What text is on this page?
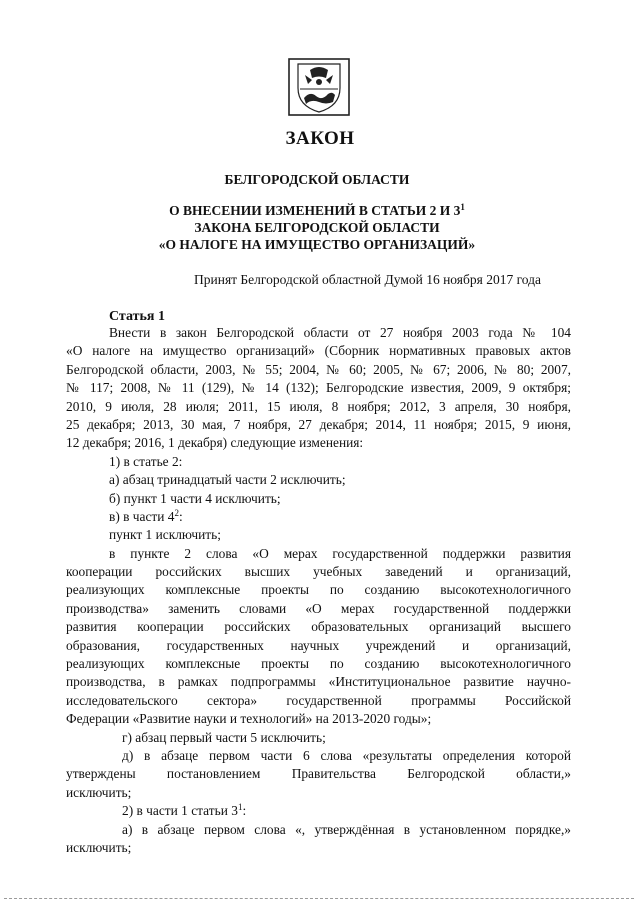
ЗАКОН
БЕЛГОРОДСКОЙ ОБЛАСТИ
О ВНЕСЕНИИ ИЗМЕНЕНИЙ В СТАТЬИ 2 И $3^1$
ЗАКОНА БЕЛГОРОДСКОЙ ОБЛАСТИ
«О НАЛОГЕ НА ИМУЩЕСТВО ОРГАНИЗАЦИЙ»
Принят Белгородской областной Думой 16 ноября 2017 года
Статья 1
Внести в закон Белгородской области от 27 ноября 2003 года № 104
«О налоге на имущество организаций» (Сборник нормативных правовых актов
Белгородской области, 2003, № 55; 2004, № 60; 2005, № 67; 2006, № 80; 2007,
№ 117; 2008, № 11 (129), № 14 (132); Белгородские известия, 2009, 9 октября;
2010, 9 июля, 28 июля; 2011, 15 июля, 8 ноября; 2012, 3 апреля, 30 ноября,
25 декабря; 2013, 30 мая, 7 ноября, 27 декабря; 2014, 11 ноября; 2015, 9 июня,
12 декабря; 2016, 1 декабря) следующие изменения:
1) в статье 2:
а) абзац тринадцатый части 2 исключить;
б) пункт 1 части 4 исключить;
в) в части $4^2$:
пункт 1 исключить;
в пункте 2 слова «О мерах государственной поддержки развития
кооперации российских высших учебных заведений и организаций,
реализующих комплексные проекты по созданию высокотехнологичного
производства» заменить словами «О мерах государственной поддержки
развития кооперации российских образовательных организаций высшего
образования, государственных научных учреждений и организаций,
реализующих комплексные проекты по созданию высокотехнологичного
производства, в рамках подпрограммы «Институциональное развитие научно-
исследовательского сектора» государственной программы Российской
Федерации «Развитие науки и технологий» на 2013-2020 годы»;
г) абзац первый части 5 исключить;
д) в абзаце первом части 6 слова «результаты определения которой
утверждены постановлением Правительства Белгородской области,»
исключить;
2) в части 1 статьи $3^1$:
а) в абзаце первом слова «, утверждённая в установленном порядке,»
исключить;
